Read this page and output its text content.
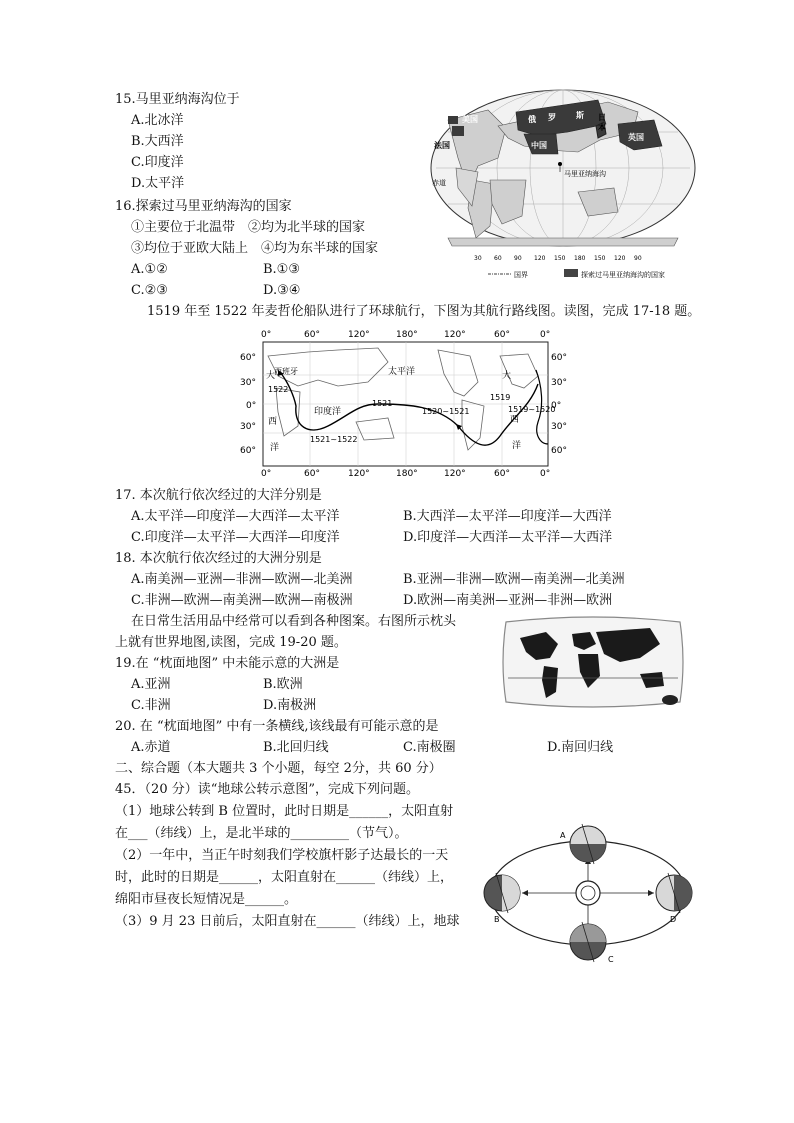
15.马里亚纳海沟位于
A.北冰洋
B.大西洋
C.印度洋
D.太平洋
16.探索过马里亚纳海沟的国家
①主要位于北温带　②均为北半球的国家
③均位于亚欧大陆上　④均为东半球的国家
A.①②	B.①③
C.②③	D.③④
美国	俄 罗	斯 日
本
中国
英国
法国
马里亚纳海沟
赤道
30 60 90 120 150 180 150 120 90
国界	探索过马里亚纳海沟的国家
1519 年至 1522 年麦哲伦船队进行了环球航行，下图为其航行路线图。读图，完成 17-18 题。
0°	60°	120°	180°	120°	60°	0°
0°	60°	120°	180°	120°	60°	0°
60°
30°
0°
30°
60°
60°
30°
0°
30°
60°
太平洋
印度洋
西班牙
大
西
洋
大
西
洋
1522
1521
1520~1521
1521~1522
1519
1519~1520
17. 本次航行依次经过的大洋分别是
A.太平洋—印度洋—大西洋—太平洋	B.大西洋—太平洋—印度洋—大西洋
C.印度洋—太平洋—大西洋—印度洋	D.印度洋—大西洋—太平洋—大西洋
18. 本次航行依次经过的大洲分别是
A.南美洲—亚洲—非洲—欧洲—北美洲	B.亚洲—非洲—欧洲—南美洲—北美洲
C.非洲—欧洲—南美洲—欧洲—南极洲	D.欧洲—南美洲—亚洲—非洲—欧洲
在日常生活用品中经常可以看到各种图案。右图所示枕头
上就有世界地图,读图，完成 19-20 题。
19.在 “枕面地图” 中未能示意的大洲是
A.亚洲	B.欧洲
C.非洲	D.南极洲
20. 在 “枕面地图” 中有一条横线,该线最有可能示意的是
A.赤道	B.北回归线	C.南极圈	D.南回归线
二、综合题（本大题共 3 个小题，每空 2分，共 60 分）
45．（20 分）读“地球公转示意图”，完成下列问题。
（1）地球公转到 B 位置时，此时日期是______，太阳直射
在___（纬线）上，是北半球的_________（节气）。
（2）一年中，当正午时刻我们学校旗杆影子达最长的一天
时，此时的日期是______，太阳直射在______（纬线）上，
绵阳市昼夜长短情况是______。
（3）9 月 23 日前后，太阳直射在______（纬线）上，地球
A
B
C
D
